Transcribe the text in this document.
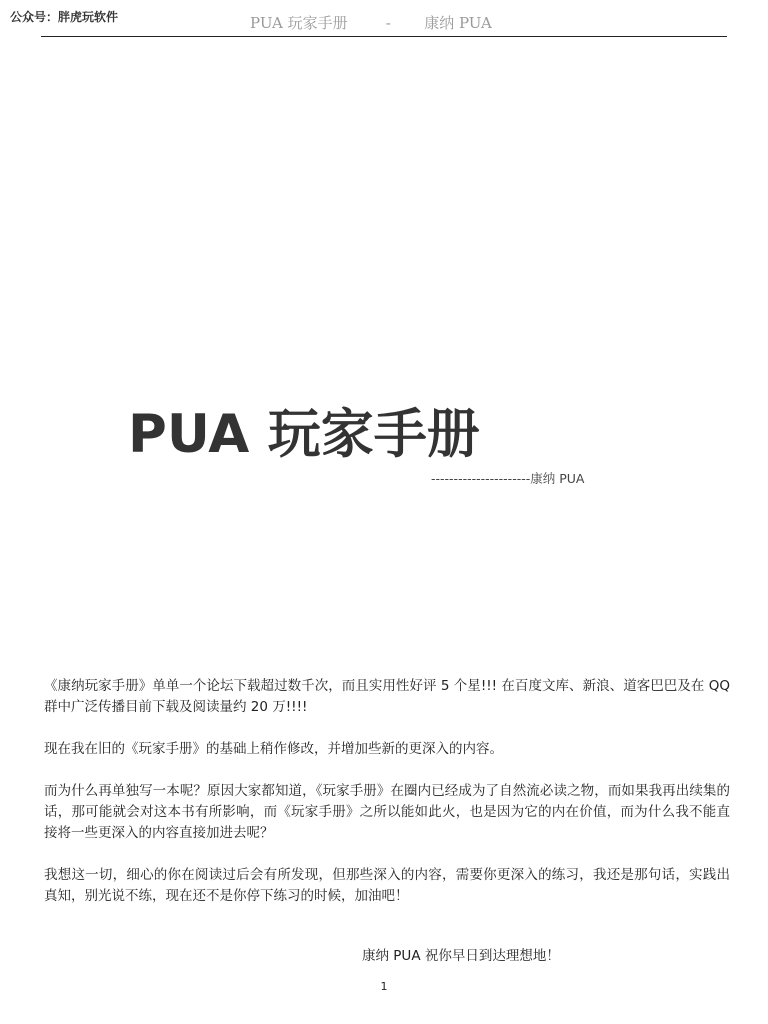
公众号：胖虎玩软件	PUA 玩家手册        -       康纳 PUA
PUA 玩家手册
----------------------康纳 PUA

《康纳玩家手册》单单一个论坛下载超过数千次，而且实用性好评 5 个星!!! 在百度文库、新浪、道客巴巴及在 QQ 群中广泛传播目前下载及阅读量约 20 万!!!!

现在我在旧的《玩家手册》的基础上稍作修改，并增加些新的更深入的内容。

而为什么再单独写一本呢？原因大家都知道，《玩家手册》在圈内已经成为了自然流必读之物，而如果我再出续集的话，那可能就会对这本书有所影响，而《玩家手册》之所以能如此火，也是因为它的内在价值，而为什么我不能直接将一些更深入的内容直接加进去呢？

我想这一切，细心的你在阅读过后会有所发现，但那些深入的内容，需要你更深入的练习，我还是那句话，实践出真知，别光说不练，现在还不是你停下练习的时候，加油吧！

康纳 PUA 祝你早日到达理想地！
1
